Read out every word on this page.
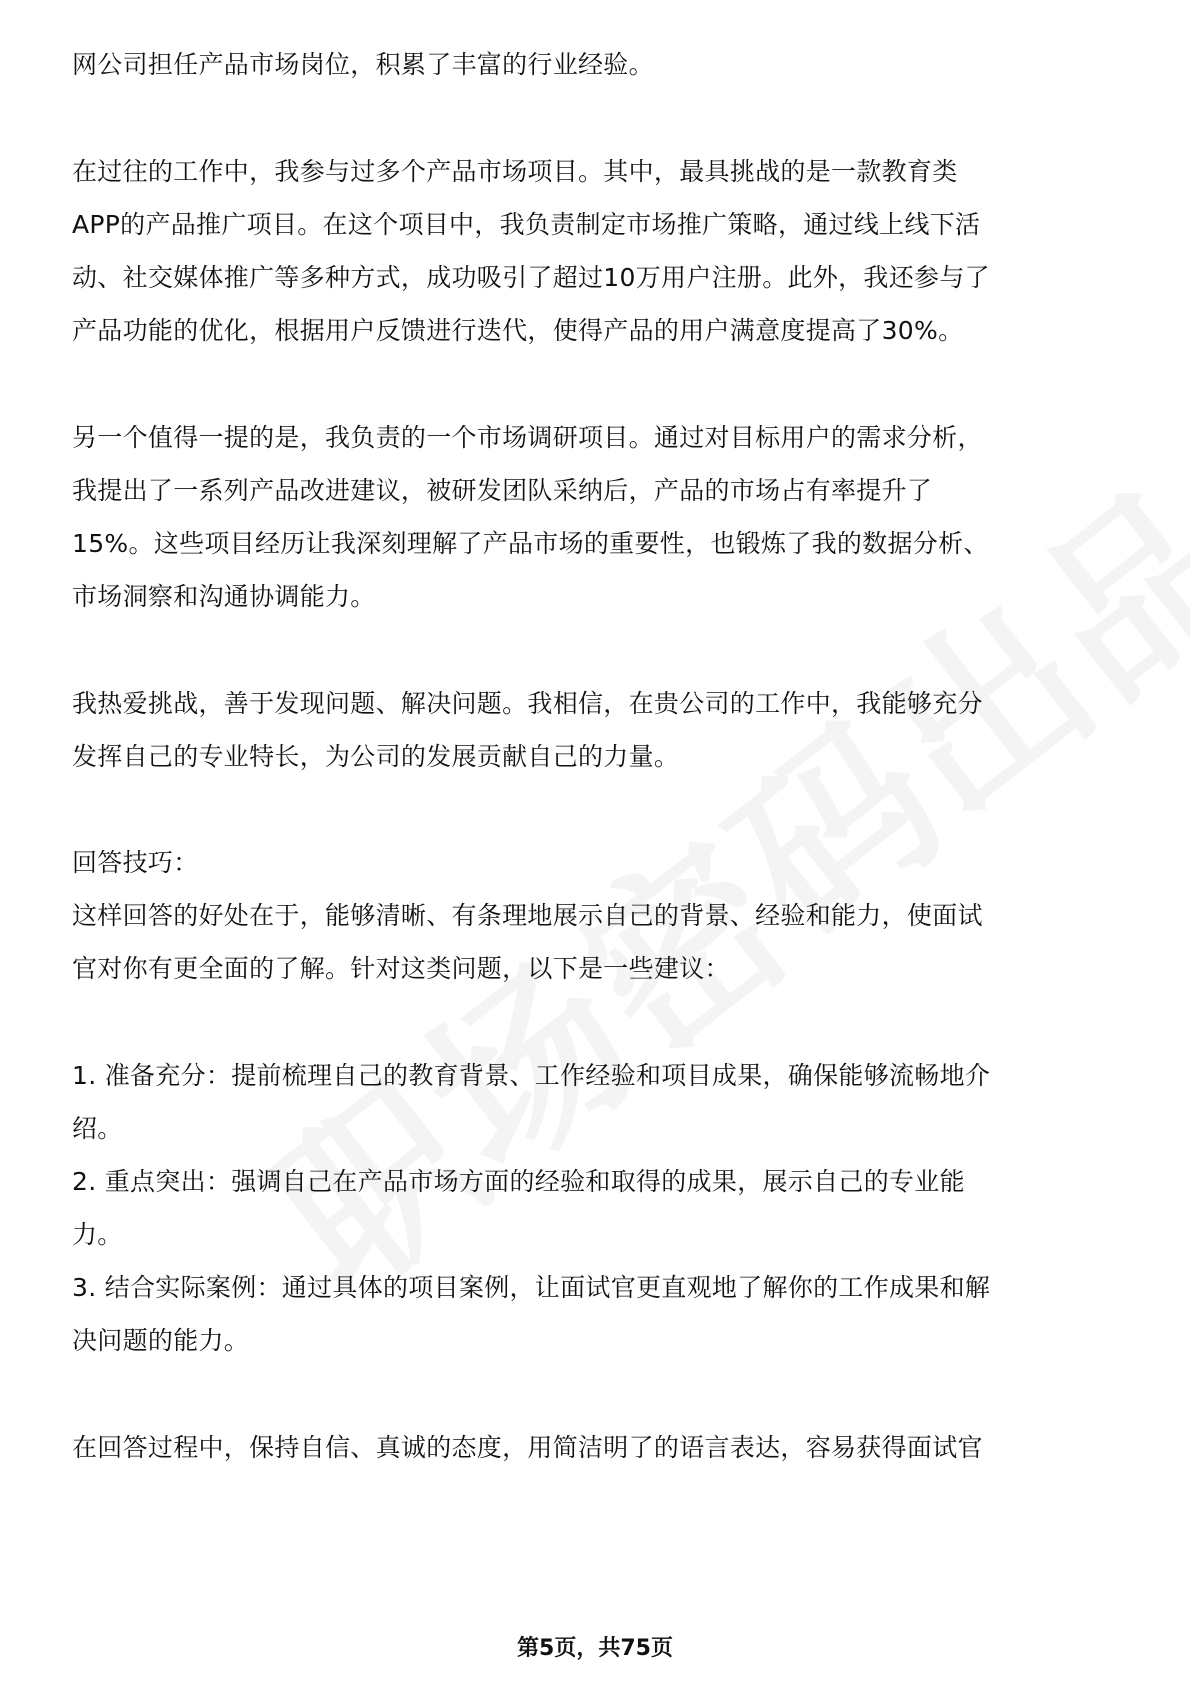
网公司担任产品市场岗位，积累了丰富的行业经验。
在过往的工作中，我参与过多个产品市场项目。其中，最具挑战的是一款教育类
APP的产品推广项目。在这个项目中，我负责制定市场推广策略，通过线上线下活
动、社交媒体推广等多种方式，成功吸引了超过10万用户注册。此外，我还参与了
产品功能的优化，根据用户反馈进行迭代，使得产品的用户满意度提高了30%。
另一个值得一提的是，我负责的一个市场调研项目。通过对目标用户的需求分析，
我提出了一系列产品改进建议，被研发团队采纳后，产品的市场占有率提升了
15%。这些项目经历让我深刻理解了产品市场的重要性，也锻炼了我的数据分析、
市场洞察和沟通协调能力。
我热爱挑战，善于发现问题、解决问题。我相信，在贵公司的工作中，我能够充分
发挥自己的专业特长，为公司的发展贡献自己的力量。
回答技巧：
这样回答的好处在于，能够清晰、有条理地展示自己的背景、经验和能力，使面试
官对你有更全面的了解。针对这类问题，以下是一些建议：
1. 准备充分：提前梳理自己的教育背景、工作经验和项目成果，确保能够流畅地介
绍。
2. 重点突出：强调自己在产品市场方面的经验和取得的成果，展示自己的专业能
力。
3. 结合实际案例：通过具体的项目案例，让面试官更直观地了解你的工作成果和解
决问题的能力。
在回答过程中，保持自信、真诚的态度，用简洁明了的语言表达，容易获得面试官
第5页，共75页
